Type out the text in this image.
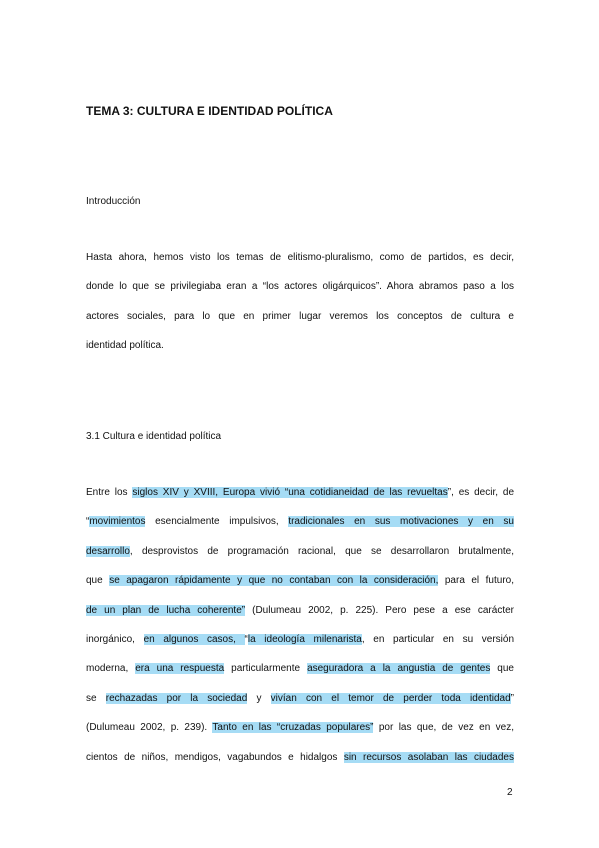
TEMA 3: CULTURA E IDENTIDAD POLÍTICA
Introducción
Hasta ahora, hemos visto los temas de elitismo-pluralismo, como de partidos, es decir,
donde lo que se privilegiaba eran a “los actores oligárquicos”. Ahora abramos paso a los
actores sociales, para lo que en primer lugar veremos los conceptos de cultura e
identidad política.
3.1 Cultura e identidad política
Entre los siglos XIV y XVIII, Europa vivió “una cotidianeidad de las revueltas”, es decir, de
“movimientos esencialmente impulsivos, tradicionales en sus motivaciones y en su
desarrollo, desprovistos de programación racional, que se desarrollaron brutalmente,
que se apagaron rápidamente y que no contaban con la consideración, para el futuro,
de un plan de lucha coherente” (Dulumeau 2002, p. 225). Pero pese a ese carácter
inorgánico, en algunos casos, “la ideología milenarista, en particular en su versión
moderna, era una respuesta particularmente aseguradora a la angustia de gentes que
se rechazadas por la sociedad y vivían con el temor de perder toda identidad”
(Dulumeau 2002, p. 239). Tanto en las “cruzadas populares” por las que, de vez en vez,
cientos de niños, mendigos, vagabundos e hidalgos sin recursos asolaban las ciudades
2
